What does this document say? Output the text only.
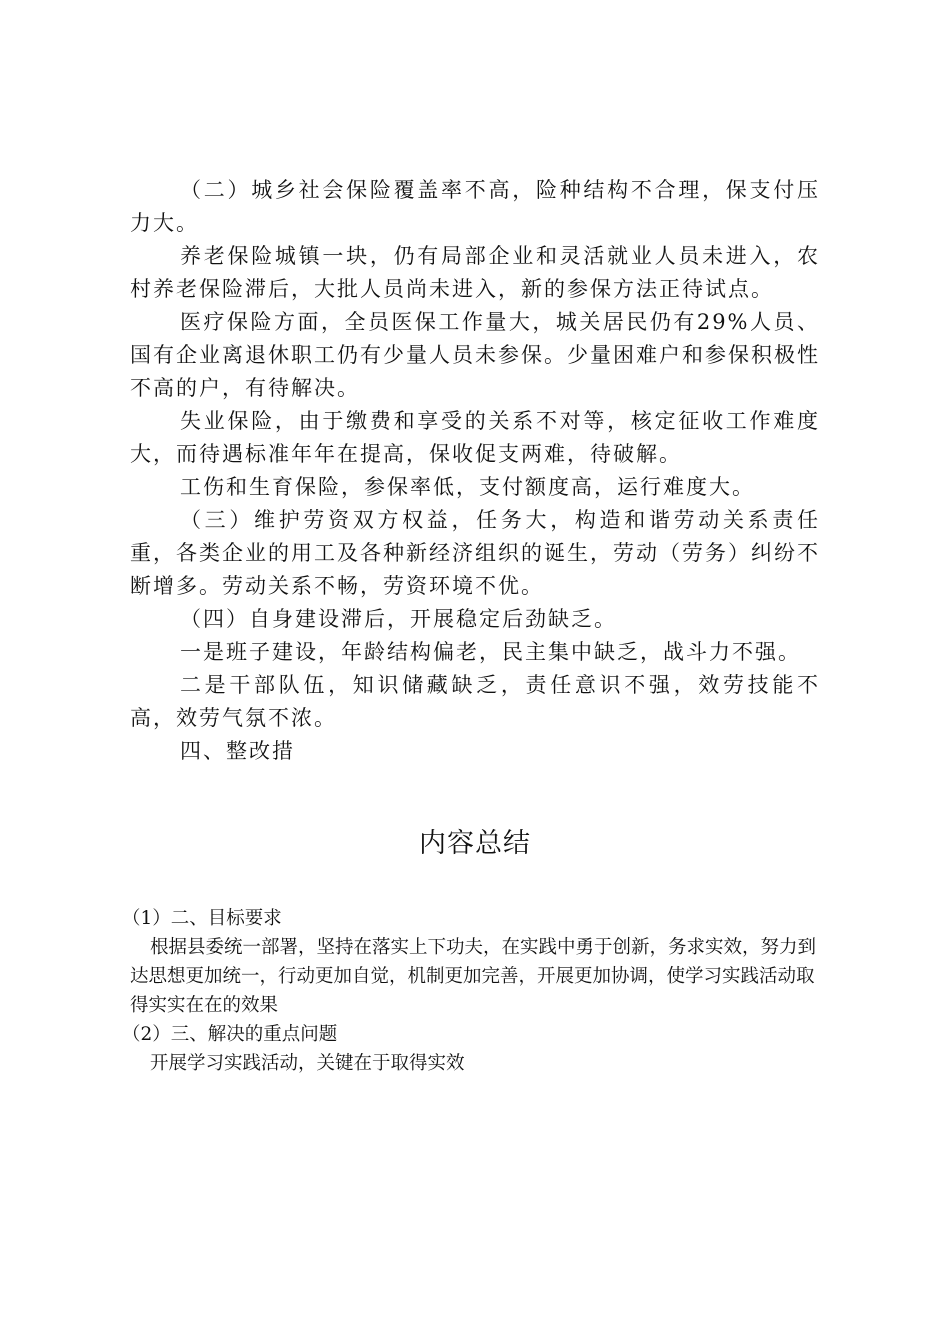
（二）城乡社会保险覆盖率不高，险种结构不合理，保支付压力大。

养老保险城镇一块，仍有局部企业和灵活就业人员未进入，农村养老保险滞后，大批人员尚未进入，新的参保方法正待试点。

医疗保险方面，全员医保工作量大，城关居民仍有29%人员、国有企业离退休职工仍有少量人员未参保。少量困难户和参保积极性不高的户，有待解决。

失业保险，由于缴费和享受的关系不对等，核定征收工作难度大，而待遇标准年年在提高，保收促支两难，待破解。

工伤和生育保险，参保率低，支付额度高，运行难度大。

（三）维护劳资双方权益，任务大，构造和谐劳动关系责任重，各类企业的用工及各种新经济组织的诞生，劳动（劳务）纠纷不断增多。劳动关系不畅，劳资环境不优。

（四）自身建设滞后，开展稳定后劲缺乏。

一是班子建设，年龄结构偏老，民主集中缺乏，战斗力不强。

二是干部队伍，知识储藏缺乏，责任意识不强，效劳技能不高，效劳气氛不浓。

四、整改措

内容总结

（1）二、目标要求

根据县委统一部署，坚持在落实上下功夫，在实践中勇于创新，务求实效，努力到达思想更加统一，行动更加自觉，机制更加完善，开展更加协调，使学习实践活动取得实实在在的效果

（2）三、解决的重点问题

开展学习实践活动，关键在于取得实效
